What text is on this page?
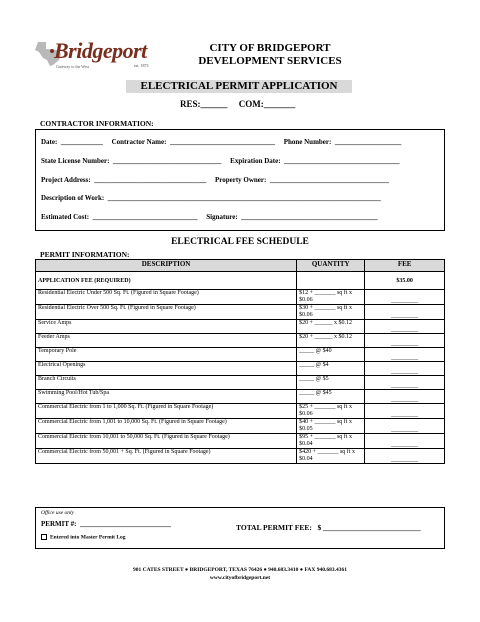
Bridgeport
Gateway to the West	est. 1873
CITY OF BRIDGEPORT
DEVELOPMENT SERVICES
ELECTRICAL PERMIT APPLICATION
RES:______ COM:_______
CONTRACTOR INFORMATION:
Date:  ____________     Contractor Name:  ______________________________     Phone Number:  ___________________
State License Number:  _______________________________     Expiration Date:  _________________________________
Project Address:  ________________________________     Property Owner:  __________________________________
Description of Work:  ______________________________________________________________________________
Estimated Cost:  ______________________________     Signature:  _______________________________________
ELECTRICAL FEE SCHEDULE
PERMIT INFORMATION:
DESCRIPTION	QUANTITY	FEE
APPLICATION FEE (REQUIRED)		$35.00
Residential Electric Under 500 Sq. Ft. (Figured in Square Footage)	$12 + _______ sq ft x $0.06	_________
Residential Electric Over 500 Sq. Ft. (Figured in Square Footage)	$30 + _______ sq ft x $0.06	_________
Service Amps	$20 + ______ x $0.12	_________
Feeder Amps	$20 + ______ x $0.12	_________
Temporary Pole	_____ @ $40	_________
Electrical Openings	_____ @ $4	_________
Branch Circuits	_____ @ $5	_________
Swimming Pool/Hot Tub/Spa	_____ @ $45	_________
Commercial Electric from 1 to 1,000 Sq. Ft. (Figured in Square Footage)	$25 + _______ sq ft x $0.06	_________
Commercial Electric from 1,001 to 10,000 Sq. Ft. (Figured in Square Footage)	$40 + _______ sq ft x $0.05	_________
Commercial Electric from 10,001 to 50,000 Sq. Ft. (Figured in Square Footage)	$95 + _______ sq ft x $0.04	_________
Commercial Electric from 50,001 + Sq. Ft. (Figured in Square Footage)	$420 + _______ sq ft x $0.04	_________
Office use only
PERMIT #:  __________________________
Entered into Master Permit Log
TOTAL PERMIT FEE:   $ __________________________
901 CATES STREET ● BRIDGEPORT, TEXAS 76426 ● 940.683.3410 ● FAX 940.683.4361
www.cityofbridgeport.net
